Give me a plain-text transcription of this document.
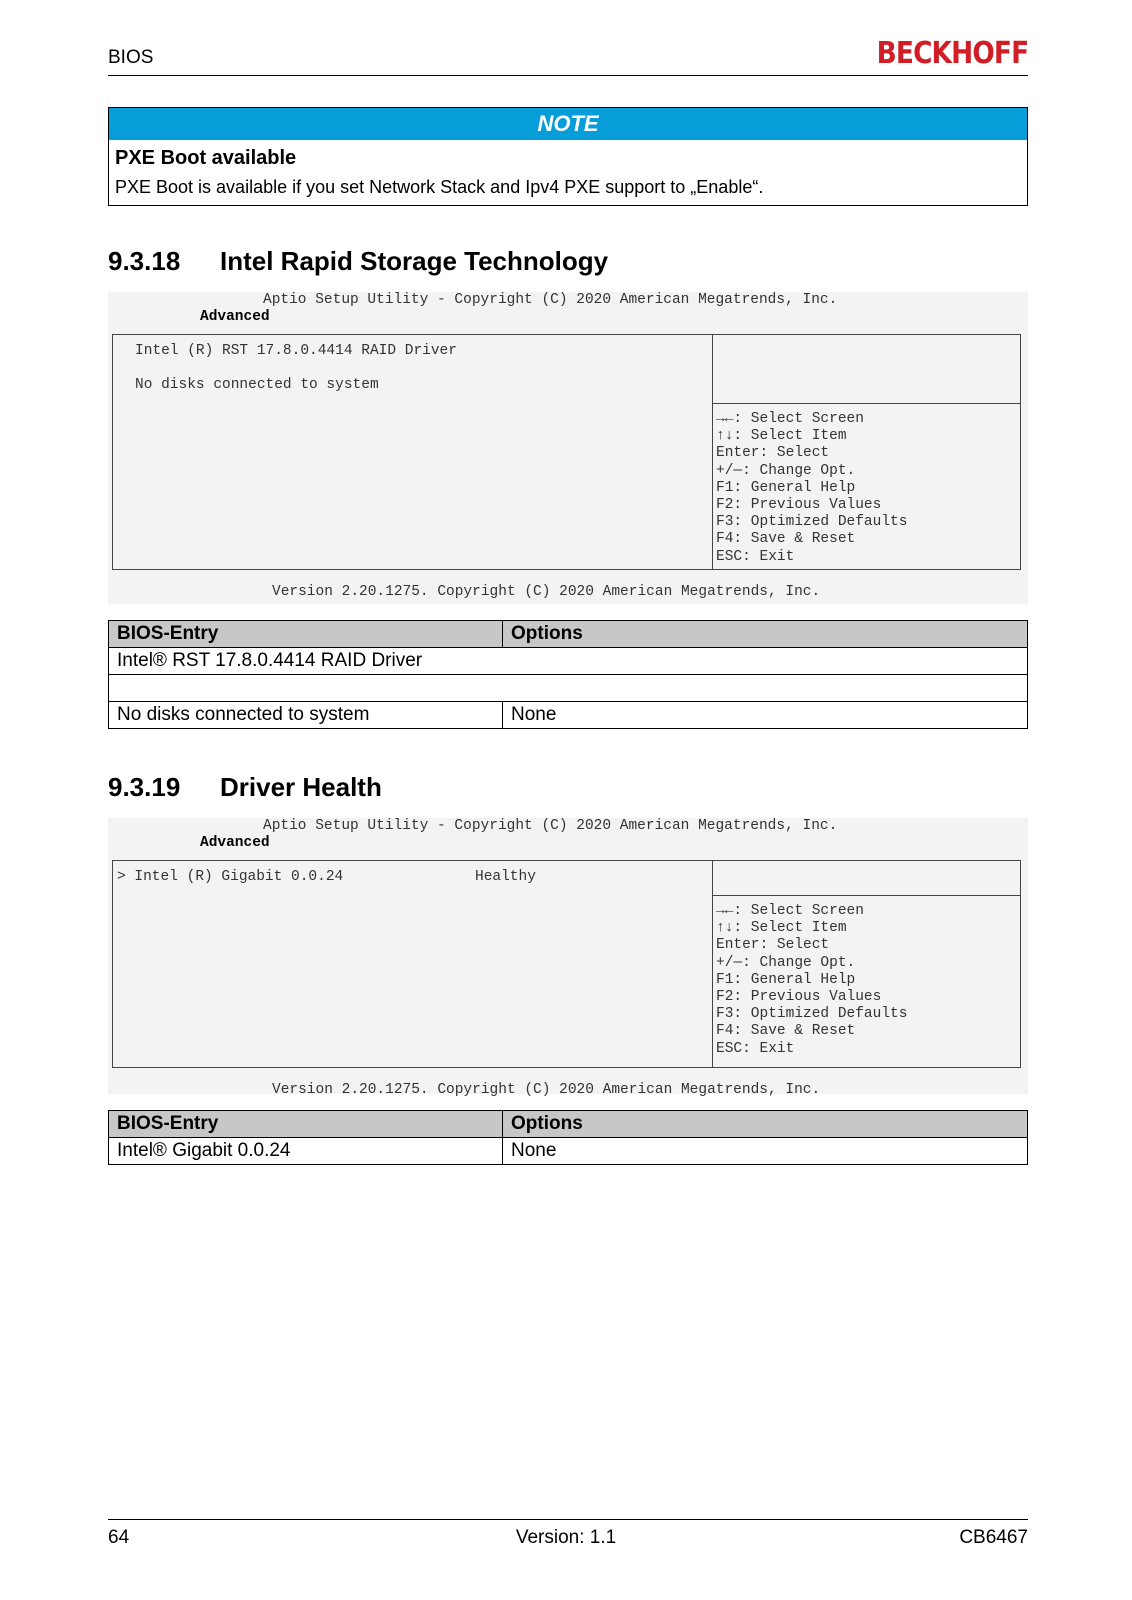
BIOS	BECKHOFF
NOTE
PXE Boot available
PXE Boot is available if you set Network Stack and Ipv4 PXE support to „Enable“.
9.3.18 Intel Rapid Storage Technology
Aptio Setup Utility - Copyright (C) 2020 American Megatrends, Inc.
Advanced
Intel (R) RST 17.8.0.4414 RAID Driver
No disks connected to system
→←: Select Screen
↑↓: Select Item
Enter: Select
+/—: Change Opt.
F1: General Help
F2: Previous Values
F3: Optimized Defaults
F4: Save & Reset
ESC: Exit
Version 2.20.1275. Copyright (C) 2020 American Megatrends, Inc.
BIOS-Entry	Options
Intel® RST 17.8.0.4414 RAID Driver	

No disks connected to system	None
9.3.19 Driver Health
Aptio Setup Utility - Copyright (C) 2020 American Megatrends, Inc.
Advanced
> Intel (R) Gigabit 0.0.24	Healthy
→←: Select Screen
↑↓: Select Item
Enter: Select
+/—: Change Opt.
F1: General Help
F2: Previous Values
F3: Optimized Defaults
F4: Save & Reset
ESC: Exit
Version 2.20.1275. Copyright (C) 2020 American Megatrends, Inc.
BIOS-Entry	Options
Intel® Gigabit 0.0.24	None
64	Version: 1.1	CB6467
